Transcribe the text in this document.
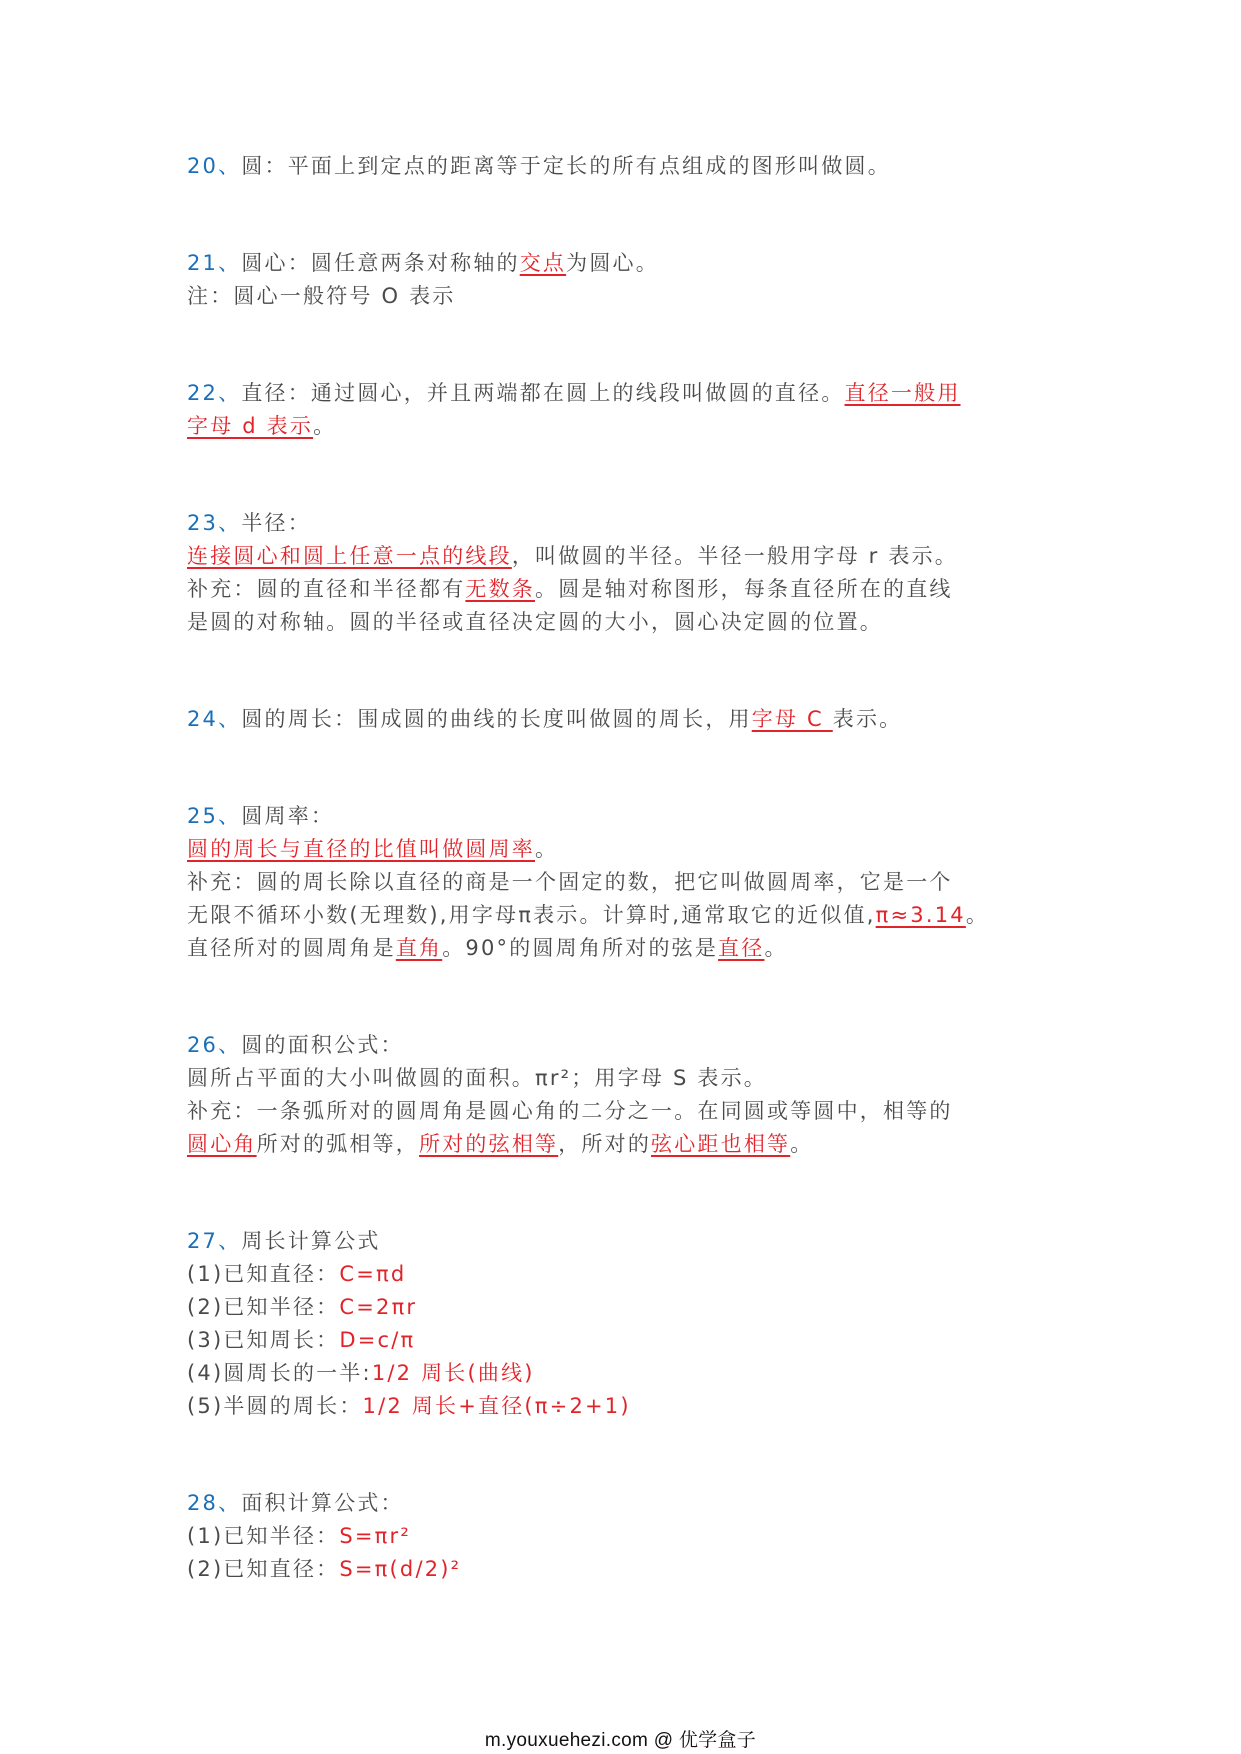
20、圆：平面上到定点的距离等于定长的所有点组成的图形叫做圆。
21、圆心：圆任意两条对称轴的交点为圆心。
注：圆心一般符号 O 表示
22、直径：通过圆心，并且两端都在圆上的线段叫做圆的直径。直径一般用
字母 d 表示。
23、半径：
连接圆心和圆上任意一点的线段，叫做圆的半径。半径一般用字母 r 表示。
补充：圆的直径和半径都有无数条。圆是轴对称图形，每条直径所在的直线
是圆的对称轴。圆的半径或直径决定圆的大小，圆心决定圆的位置。
24、圆的周长：围成圆的曲线的长度叫做圆的周长，用字母 C 表示。
25、圆周率：
圆的周长与直径的比值叫做圆周率。
补充：圆的周长除以直径的商是一个固定的数，把它叫做圆周率，它是一个
无限不循环小数(无理数),用字母π表示。计算时,通常取它的近似值,π≈3.14。
直径所对的圆周角是直角。90°的圆周角所对的弦是直径。
26、圆的面积公式：
圆所占平面的大小叫做圆的面积。πr²；用字母 S 表示。
补充：一条弧所对的圆周角是圆心角的二分之一。在同圆或等圆中，相等的
圆心角所对的弧相等，所对的弦相等，所对的弦心距也相等。
27、周长计算公式
(1)已知直径：C=πd
(2)已知半径：C=2πr
(3)已知周长：D=c/π
(4)圆周长的一半:1/2 周长(曲线)
(5)半圆的周长：1/2 周长+直径(π÷2+1)
28、面积计算公式：
(1)已知半径：S=πr²
(2)已知直径：S=π(d/2)²
m.youxuehezi.com @ 优学盒子
